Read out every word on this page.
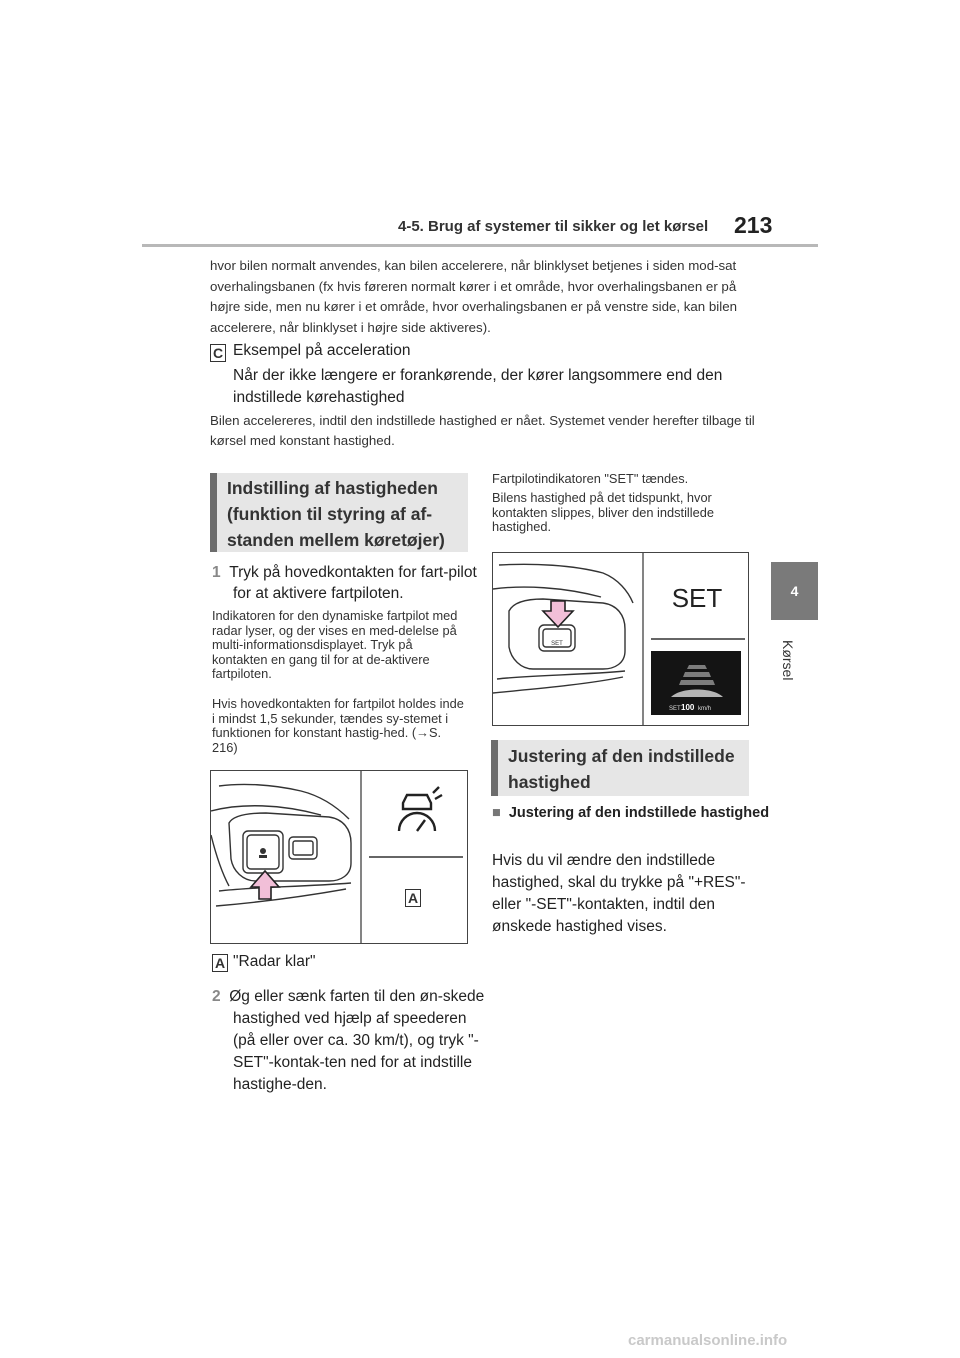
4-5. Brug af systemer til sikker og let kørsel 213
4
Kørsel
hvor bilen normalt anvendes, kan bilen accelerere, når blinklyset betjenes i siden mod-sat overhalingsbanen (fx hvis føreren normalt kører i et område, hvor overhalingsbanen er på højre side, men nu kører i et område, hvor overhalingsbanen er på venstre side, kan bilen accelerere, når blinklyset i højre side aktiveres).
C Eksempel på acceleration
Når der ikke længere er forankørende, der kører langsommere end den indstillede kørehastighed
Bilen accelereres, indtil den indstillede hastighed er nået. Systemet vender herefter tilbage til kørsel med konstant hastighed.
Indstilling af hastigheden (funktion til styring af af-standen mellem køretøjer)
1 Tryk på hovedkontakten for fart-pilot for at aktivere fartpiloten.
Indikatoren for den dynamiske fartpilot med radar lyser, og der vises en med-delelse på multi-informationsdisplayet. Tryk på kontakten en gang til for at de-aktivere fartpiloten.
Hvis hovedkontakten for fartpilot holdes inde i mindst 1,5 sekunder, tændes sy-stemet i funktionen for konstant hastig-hed. (→S. 216)
A
A "Radar klar"
2 Øg eller sænk farten til den øn-skede hastighed ved hjælp af speederen (på eller over ca. 30 km/t), og tryk "-SET"-kontak-ten ned for at indstille hastighe-den.
Fartpilotindikatoren "SET" tændes.
Bilens hastighed på det tidspunkt, hvor kontakten slippes, bliver den indstillede hastighed.
SET
SET
SET 100 km/h
Justering af den indstillede hastighed
■ Justering af den indstillede hastighed
Hvis du vil ændre den indstillede hastighed, skal du trykke på "+RES"- eller "-SET"-kontakten, indtil den ønskede hastighed vises.
carmanualsonline.info
